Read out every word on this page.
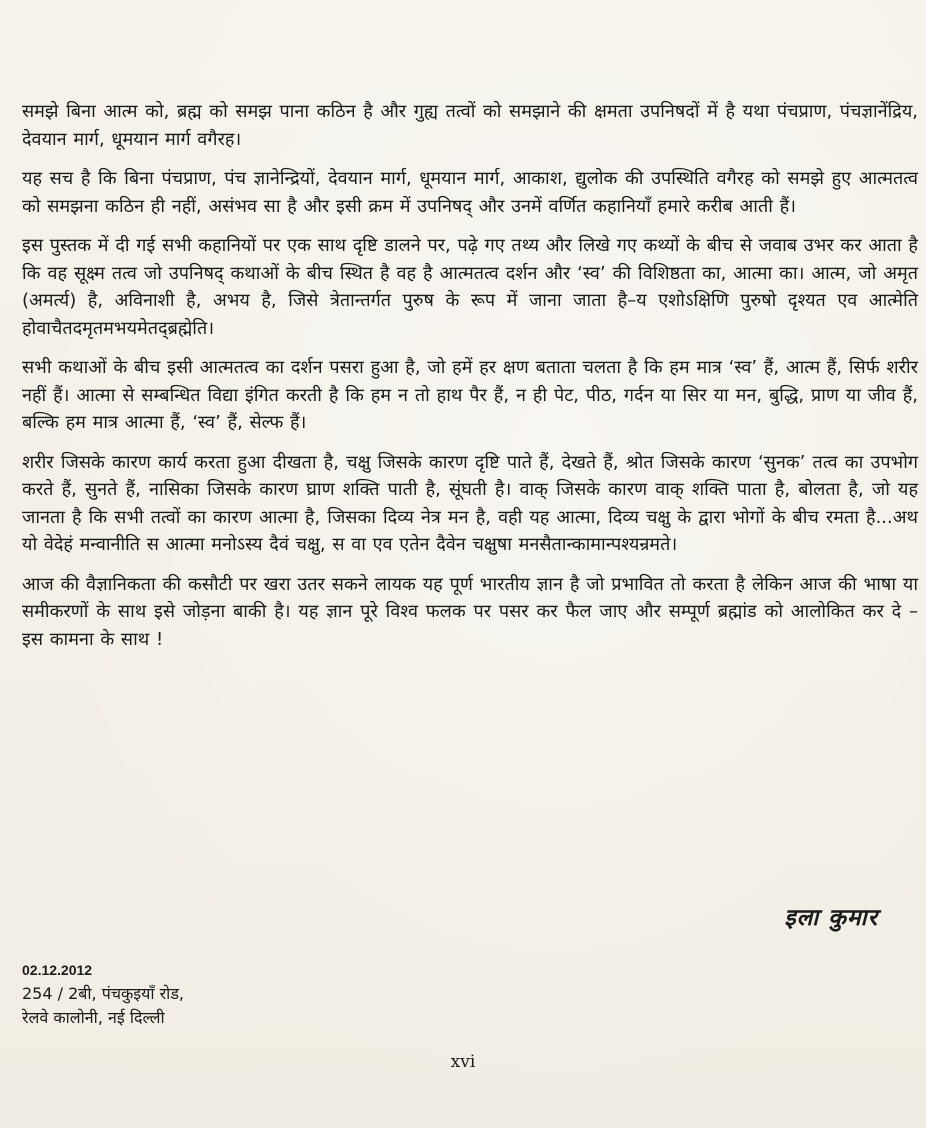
समझे बिना आत्म को, ब्रह्म को समझ पाना कठिन है और गुह्य तत्वों को समझाने की क्षमता उपनिषदों में है यथा पंचप्राण, पंचज्ञानेंद्रिय, देवयान मार्ग, धूमयान मार्ग वगैरह।

यह सच है कि बिना पंचप्राण, पंच ज्ञानेन्द्रियों, देवयान मार्ग, धूमयान मार्ग, आकाश, द्युलोक की उपस्थिति वगैरह को समझे हुए आत्मतत्व को समझना कठिन ही नहीं, असंभव सा है और इसी क्रम में उपनिषद् और उनमें वर्णित कहानियाँ हमारे करीब आती हैं।

इस पुस्तक में दी गई सभी कहानियों पर एक साथ दृष्टि डालने पर, पढ़े गए तथ्य और लिखे गए कथ्यों के बीच से जवाब उभर कर आता है कि वह सूक्ष्म तत्व जो उपनिषद् कथाओं के बीच स्थित है वह है आत्मतत्व दर्शन और ‘स्व’ की विशिष्ठता का, आत्मा का। आत्म, जो अमृत (अमर्त्य) है, अविनाशी है, अभय है, जिसे त्रेतान्तर्गत पुरुष के रूप में जाना जाता है–य एशोऽक्षिणि पुरुषो दृश्यत एव आत्मेति होवाचैतदमृतमभयमेतद्ब्रह्मेति।

सभी कथाओं के बीच इसी आत्मतत्व का दर्शन पसरा हुआ है, जो हमें हर क्षण बताता चलता है कि हम मात्र ‘स्व’ हैं, आत्म हैं, सिर्फ शरीर नहीं हैं। आत्मा से सम्बन्धित विद्या इंगित करती है कि हम न तो हाथ पैर हैं, न ही पेट, पीठ, गर्दन या सिर या मन, बुद्धि, प्राण या जीव हैं, बल्कि हम मात्र आत्मा हैं, ‘स्व’ हैं, सेल्फ हैं।

शरीर जिसके कारण कार्य करता हुआ दीखता है, चक्षु जिसके कारण दृष्टि पाते हैं, देखते हैं, श्रोत जिसके कारण ‘सुनक’ तत्व का उपभोग करते हैं, सुनते हैं, नासिका जिसके कारण घ्राण शक्ति पाती है, सूंघती है। वाक् जिसके कारण वाक् शक्ति पाता है, बोलता है, जो यह जानता है कि सभी तत्वों का कारण आत्मा है, जिसका दिव्य नेत्र मन है, वही यह आत्मा, दिव्य चक्षु के द्वारा भोगों के बीच रमता है...अथ यो वेदेहं मन्वानीति स आत्मा मनोऽस्य दैवं चक्षु, स वा एव एतेन दैवेन चक्षुषा मनसैतान्कामान्पश्यन्रमते।

आज की वैज्ञानिकता की कसौटी पर खरा उतर सकने लायक यह पूर्ण भारतीय ज्ञान है जो प्रभावित तो करता है लेकिन आज की भाषा या समीकरणों के साथ इसे जोड़ना बाकी है। यह ज्ञान पूरे विश्व फलक पर पसर कर फैल जाए और सम्पूर्ण ब्रह्मांड को आलोकित कर दे – इस कामना के साथ !

इला कुमार
02.12.2012
254 / 2बी, पंचकुइयाँ रोड,
रेलवे कालोनी, नई दिल्ली
xvi
